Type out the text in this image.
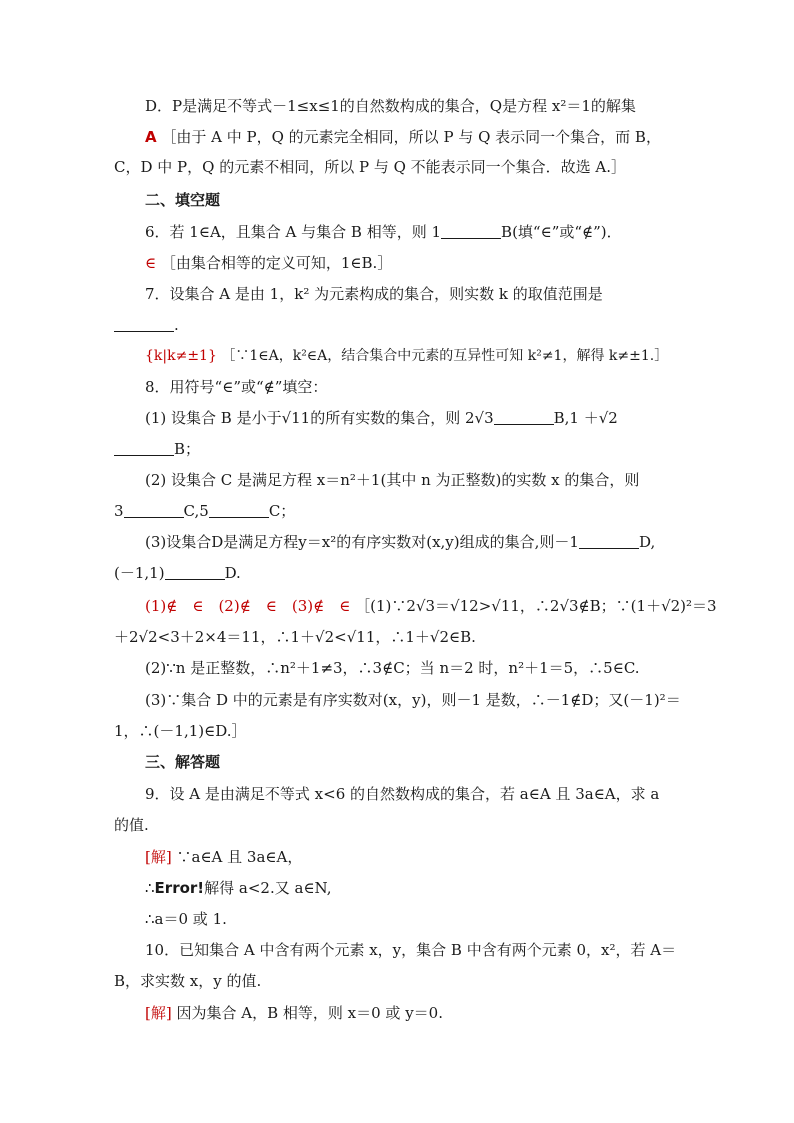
D．P是满足不等式－1≤x≤1的自然数构成的集合，Q是方程 x²＝1的解集
A ［由于 A 中 P，Q 的元素完全相同，所以 P 与 Q 表示同一个集合，而 B，
C，D 中 P，Q 的元素不相同，所以 P 与 Q 不能表示同一个集合．故选 A.］
二、填空题
6．若 1∈A，且集合 A 与集合 B 相等，则 1	B(填“∈”或“∉”)．
∈ ［由集合相等的定义可知，1∈B.］
7．设集合 A 是由 1，k² 为元素构成的集合，则实数 k 的取值范围是
.
{k|k≠±1} ［∵1∈A，k²∈A，结合集合中元素的互异性可知 k²≠1，解得 k≠±1.］
8．用符号“∈”或“∉”填空：
(1) 设集合 B 是小于√11的所有实数的集合，则 2√3	B,1 ＋√2
B；
(2) 设集合 C 是满足方程 x＝n²＋1(其中 n 为正整数)的实数 x 的集合，则
3	C,5	C；
(3)设集合D是满足方程y＝x²的有序实数对(x,y)组成的集合,则－1	D,
(－1,1)	D.
(1)∉　∈　(2)∉　∈　(3)∉　∈ ［(1)∵2√3＝√12>√11，∴2√3∉B；∵(1＋√2)²＝3
＋2√2<3＋2×4＝11，∴1＋√2<√11，∴1＋√2∈B.
(2)∵n 是正整数，∴n²＋1≠3，∴3∉C；当 n＝2 时，n²＋1＝5，∴5∈C.
(3)∵集合 D 中的元素是有序实数对(x，y)，则－1 是数，∴－1∉D；又(－1)²＝
1，∴(－1,1)∈D.］
三、解答题
9．设 A 是由满足不等式 x<6 的自然数构成的集合，若 a∈A 且 3a∈A，求 a
的值.
[解] ∵a∈A 且 3a∈A，
∴Error!解得 a<2.又 a∈N,
∴a＝0 或 1.
10．已知集合 A 中含有两个元素 x，y，集合 B 中含有两个元素 0，x²，若 A＝
B，求实数 x，y 的值.
[解] 因为集合 A，B 相等，则 x＝0 或 y＝0.
